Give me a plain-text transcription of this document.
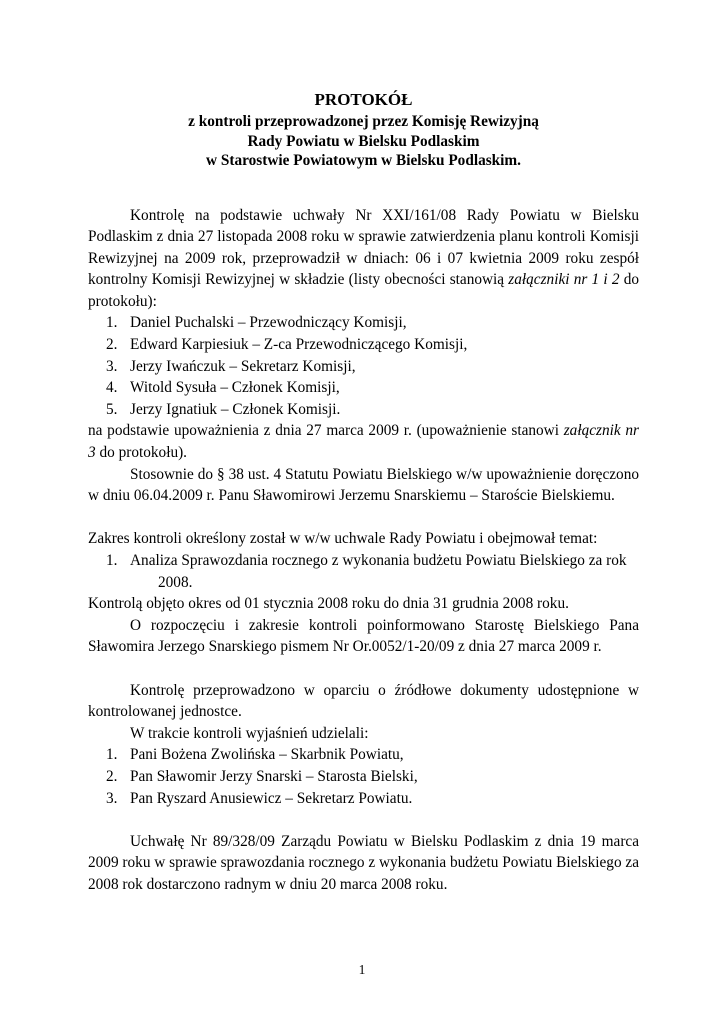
PROTOKÓŁ
z kontroli przeprowadzonej przez Komisję Rewizyjną
Rady Powiatu w Bielsku Podlaskim
w Starostwie Powiatowym w Bielsku Podlaskim.

Kontrolę na podstawie uchwały Nr XXI/161/08 Rady Powiatu w Bielsku Podlaskim z dnia 27 listopada 2008 roku w sprawie zatwierdzenia planu kontroli Komisji Rewizyjnej na 2009 rok, przeprowadził w dniach: 06 i 07 kwietnia 2009 roku zespół kontrolny Komisji Rewizyjnej w składzie (listy obecności stanowią załączniki nr 1 i 2 do protokołu):

1. Daniel Puchalski – Przewodniczący Komisji,
2. Edward Karpiesiuk – Z-ca Przewodniczącego Komisji,
3. Jerzy Iwańczuk – Sekretarz Komisji,
4. Witold Sysuła – Członek Komisji,
5. Jerzy Ignatiuk – Członek Komisji.

na podstawie upoważnienia z dnia 27 marca 2009 r. (upoważnienie stanowi załącznik nr 3 do protokołu).

Stosownie do § 38 ust. 4 Statutu Powiatu Bielskiego w/w upoważnienie doręczono w dniu 06.04.2009 r. Panu Sławomirowi Jerzemu Snarskiemu – Staroście Bielskiemu.

Zakres kontroli określony został w w/w uchwale Rady Powiatu i obejmował temat:

1. Analiza Sprawozdania rocznego z wykonania budżetu Powiatu Bielskiego za rok 2008.

Kontrolą objęto okres od 01 stycznia 2008 roku do dnia 31 grudnia 2008 roku.

O rozpoczęciu i zakresie kontroli poinformowano Starostę Bielskiego Pana Sławomira Jerzego Snarskiego pismem Nr Or.0052/1-20/09 z dnia 27 marca 2009 r.

Kontrolę przeprowadzono w oparciu o źródłowe dokumenty udostępnione w kontrolowanej jednostce.

W trakcie kontroli wyjaśnień udzielali:

1. Pani Bożena Zwolińska – Skarbnik Powiatu,
2. Pan Sławomir Jerzy Snarski – Starosta Bielski,
3. Pan Ryszard Anusiewicz – Sekretarz Powiatu.

Uchwałę Nr 89/328/09 Zarządu Powiatu w Bielsku Podlaskim z dnia 19 marca 2009 roku w sprawie sprawozdania rocznego z wykonania budżetu Powiatu Bielskiego za 2008 rok dostarczono radnym w dniu 20 marca 2008 roku.

1
